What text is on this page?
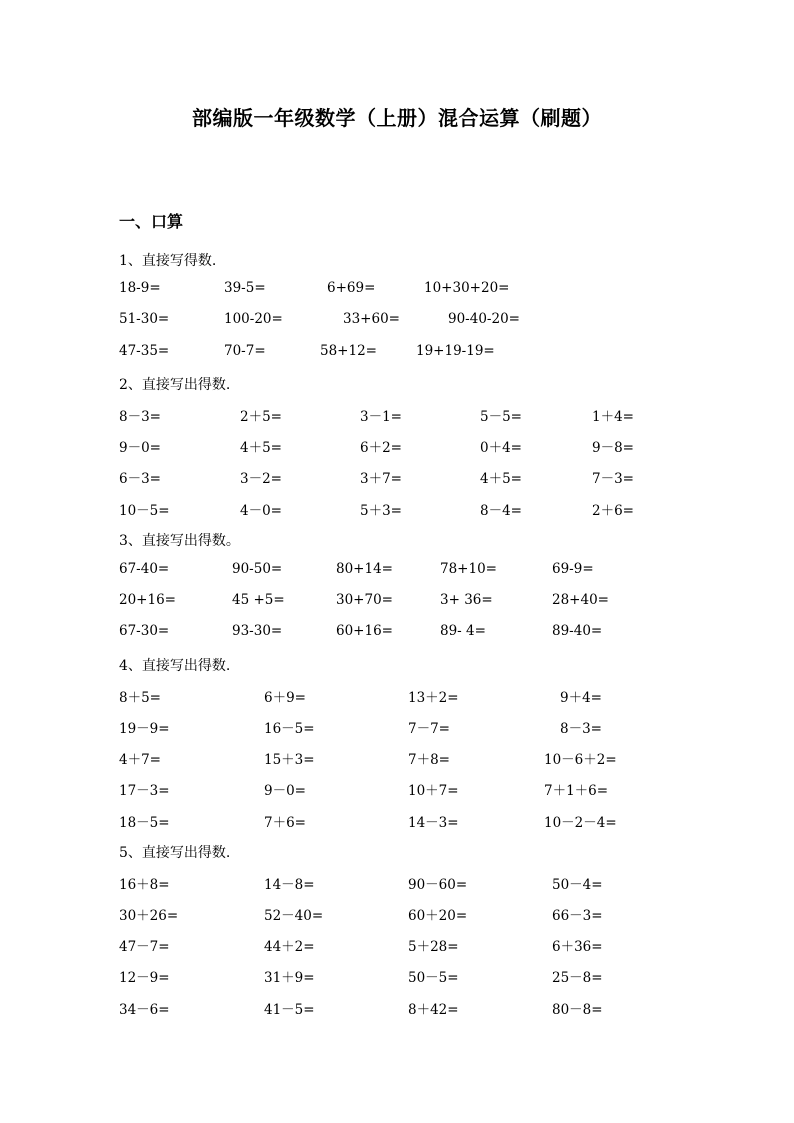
部编版一年级数学（上册）混合运算（刷题）
一、口算
1、直接写得数.
18-9=	39-5=	6+69=	10+30+20=
51-30=	100-20=	33+60=	90-40-20=
47-35=	70-7=	58+12=	19+19-19=
2、直接写出得数.
8－3=	2＋5=	3－1=	5－5=	1＋4=
9－0=	4＋5=	6＋2=	0＋4=	9－8=
6－3=	3－2=	3＋7=	4＋5=	7－3=
10－5=	4－0=	5＋3=	8－4=	2＋6=
3、直接写出得数。
67-40=	90-50=	80+14=	78+10=	69-9=
20+16=	45 +5=	30+70=	3+ 36=	28+40=
67-30=	93-30=	60+16=	89- 4=	89-40=
4、直接写出得数.
8＋5=	6＋9=	13＋2=	9＋4=
19－9=	16－5=	7－7=	8－3=
4＋7=	15＋3=	7＋8=	10－6＋2=
17－3=	9－0=	10＋7=	7＋1＋6=
18－5=	7＋6=	14－3=	10－2－4=
5、直接写出得数.
16＋8=	14－8=	90－60=	50－4=
30＋26=	52－40=	60＋20=	66－3=
47－7=	44＋2=	5＋28=	6＋36=
12－9=	31＋9=	50－5=	25－8=
34－6=	41－5=	8＋42=	80－8=
